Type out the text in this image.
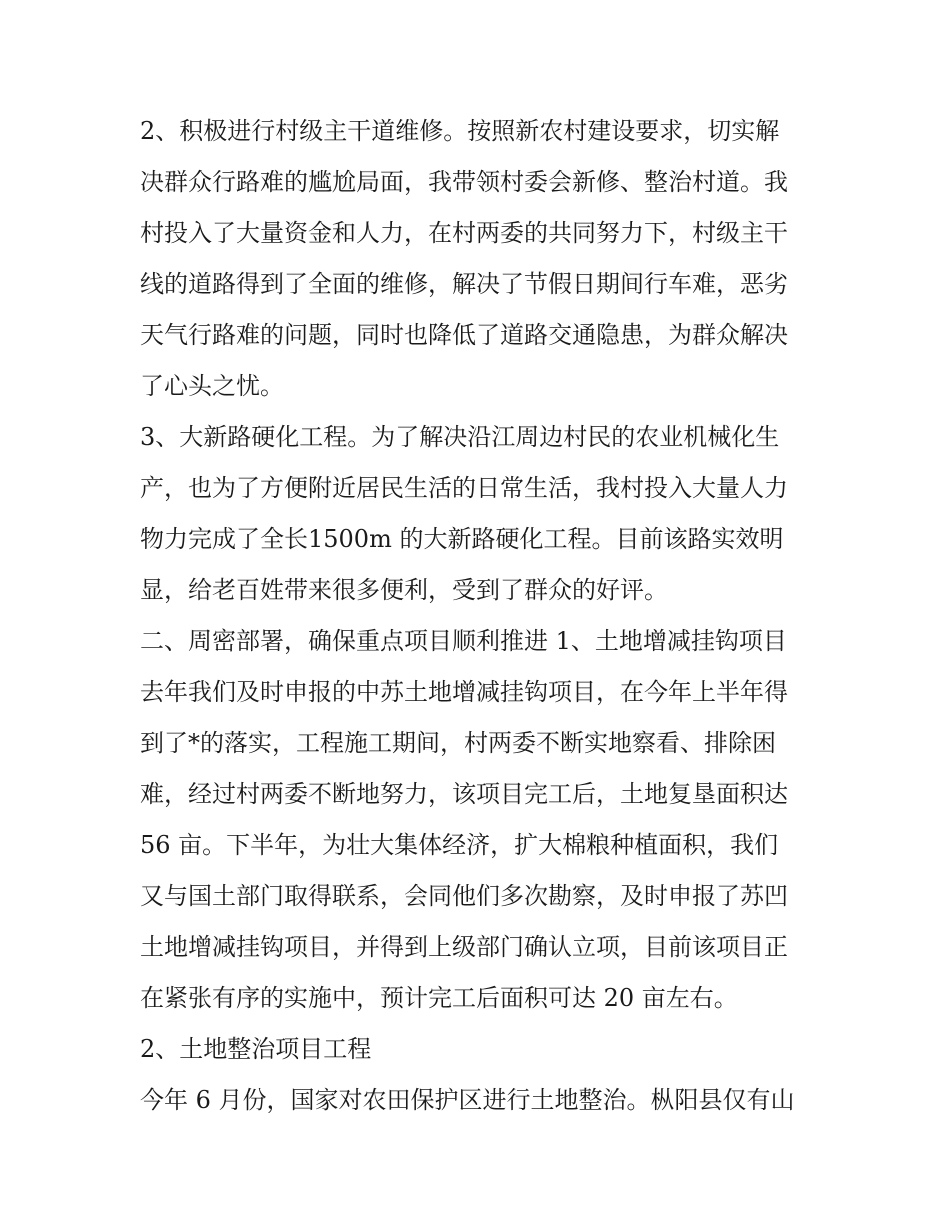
2、积极进行村级主干道维修。按照新农村建设要求，切实解

决群众行路难的尴尬局面，我带领村委会新修、整治村道。我

村投入了大量资金和人力，在村两委的共同努力下，村级主干

线的道路得到了全面的维修，解决了节假日期间行车难，恶劣

天气行路难的问题，同时也降低了道路交通隐患，为群众解决

了心头之忧。

3、大新路硬化工程。为了解决沿江周边村民的农业机械化生

产，也为了方便附近居民生活的日常生活，我村投入大量人力

物力完成了全长1500m 的大新路硬化工程。目前该路实效明

显，给老百姓带来很多便利，受到了群众的好评。

二、周密部署，确保重点项目顺利推进 1、土地增减挂钩项目

去年我们及时申报的中苏土地增减挂钩项目，在今年上半年得

到了*的落实，工程施工期间，村两委不断实地察看、排除困

难，经过村两委不断地努力，该项目完工后，土地复垦面积达

56 亩。下半年，为壮大集体经济，扩大棉粮种植面积，我们

又与国土部门取得联系，会同他们多次勘察，及时申报了苏凹

土地增减挂钩项目，并得到上级部门确认立项，目前该项目正

在紧张有序的实施中，预计完工后面积可达 20 亩左右。

2、土地整治项目工程

今年 6 月份，国家对农田保护区进行土地整治。枞阳县仅有山
